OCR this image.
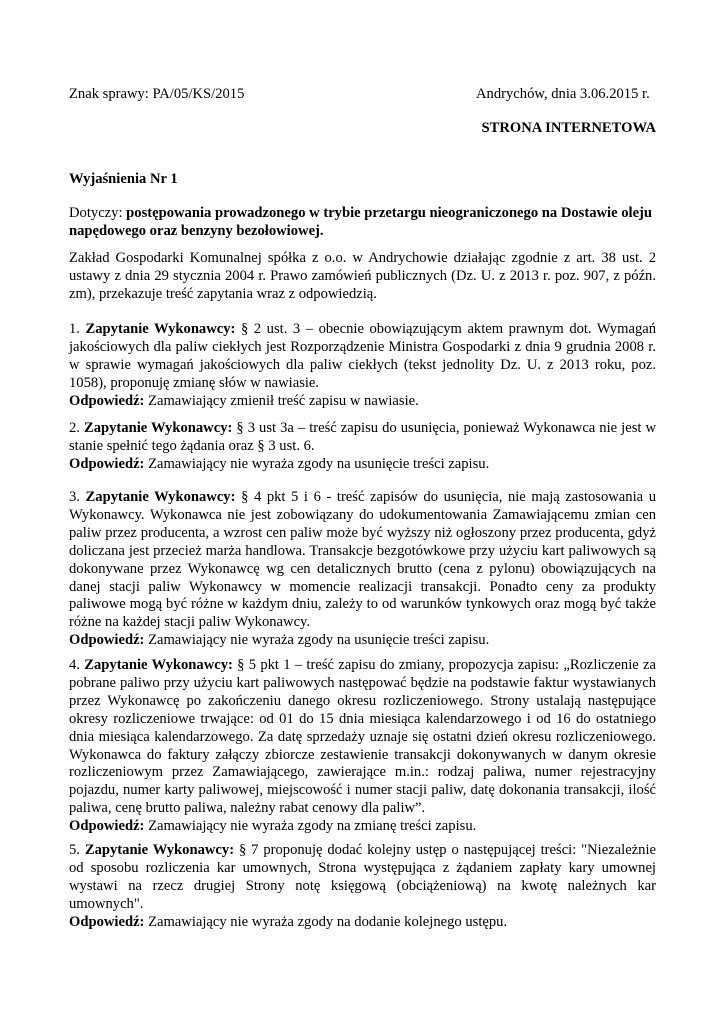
Znak sprawy: PA/05/KS/2015	Andrychów, dnia 3.06.2015 r.
STRONA INTERNETOWA
Wyjaśnienia Nr 1
Dotyczy: postępowania prowadzonego w trybie przetargu nieograniczonego na Dostawie oleju napędowego oraz benzyny bezołowiowej.
Zakład Gospodarki Komunalnej spółka z o.o. w Andrychowie działając zgodnie z art. 38 ust. 2 ustawy z dnia 29 stycznia 2004 r. Prawo zamówień publicznych (Dz. U. z 2013 r. poz. 907, z późn. zm), przekazuje treść zapytania wraz z odpowiedzią.

1. Zapytanie Wykonawcy: § 2 ust. 3 – obecnie obowiązującym aktem prawnym dot. Wymagań jakościowych dla paliw ciekłych jest Rozporządzenie Ministra Gospodarki z dnia 9 grudnia 2008 r. w sprawie wymagań jakościowych dla paliw ciekłych (tekst jednolity Dz. U. z 2013 roku, poz. 1058), proponuję zmianę słów w nawiasie.

Odpowiedź: Zamawiający zmienił treść zapisu w nawiasie.

2. Zapytanie Wykonawcy: § 3 ust 3a – treść zapisu do usunięcia, ponieważ Wykonawca nie jest w stanie spełnić tego żądania oraz § 3 ust. 6.

Odpowiedź: Zamawiający nie wyraża zgody na usunięcie treści zapisu.

3. Zapytanie Wykonawcy: § 4 pkt 5 i 6 - treść zapisów do usunięcia, nie mają zastosowania u Wykonawcy. Wykonawca nie jest zobowiązany do udokumentowania Zamawiającemu zmian cen paliw przez producenta, a wzrost cen paliw może być wyższy niż ogłoszony przez producenta, gdyż doliczana jest przecież marża handlowa. Transakcje bezgotówkowe przy użyciu kart paliwowych są dokonywane przez Wykonawcę wg cen detalicznych brutto (cena z pylonu) obowiązujących na danej stacji paliw Wykonawcy w momencie realizacji transakcji. Ponadto ceny za produkty paliwowe mogą być różne w każdym dniu, zależy to od warunków tynkowych oraz mogą być także różne na każdej stacji paliw Wykonawcy.

Odpowiedź: Zamawiający nie wyraża zgody na usunięcie treści zapisu.

4. Zapytanie Wykonawcy: § 5 pkt 1 – treść zapisu do zmiany, propozycja zapisu: „Rozliczenie za pobrane paliwo przy użyciu kart paliwowych następować będzie na podstawie faktur wystawianych przez Wykonawcę po zakończeniu danego okresu rozliczeniowego. Strony ustalają następujące okresy rozliczeniowe trwające: od 01 do 15 dnia miesiąca kalendarzowego i od 16 do ostatniego dnia miesiąca kalendarzowego. Za datę sprzedaży uznaje się ostatni dzień okresu rozliczeniowego. Wykonawca do faktury załączy zbiorcze zestawienie transakcji dokonywanych w danym okresie rozliczeniowym przez Zamawiającego, zawierające m.in.: rodzaj paliwa, numer rejestracyjny pojazdu, numer karty paliwowej, miejscowość i numer stacji paliw, datę dokonania transakcji, ilość paliwa, cenę brutto paliwa, należny rabat cenowy dla paliw”.

Odpowiedź: Zamawiający nie wyraża zgody na zmianę treści zapisu.

5. Zapytanie Wykonawcy: § 7 proponuję dodać kolejny ustęp o następującej treści: "Niezależnie od sposobu rozliczenia kar umownych, Strona występująca z żądaniem zapłaty kary umownej wystawi na rzecz drugiej Strony notę księgową (obciążeniową) na kwotę należnych kar umownych".

Odpowiedź: Zamawiający nie wyraża zgody na dodanie kolejnego ustępu.
